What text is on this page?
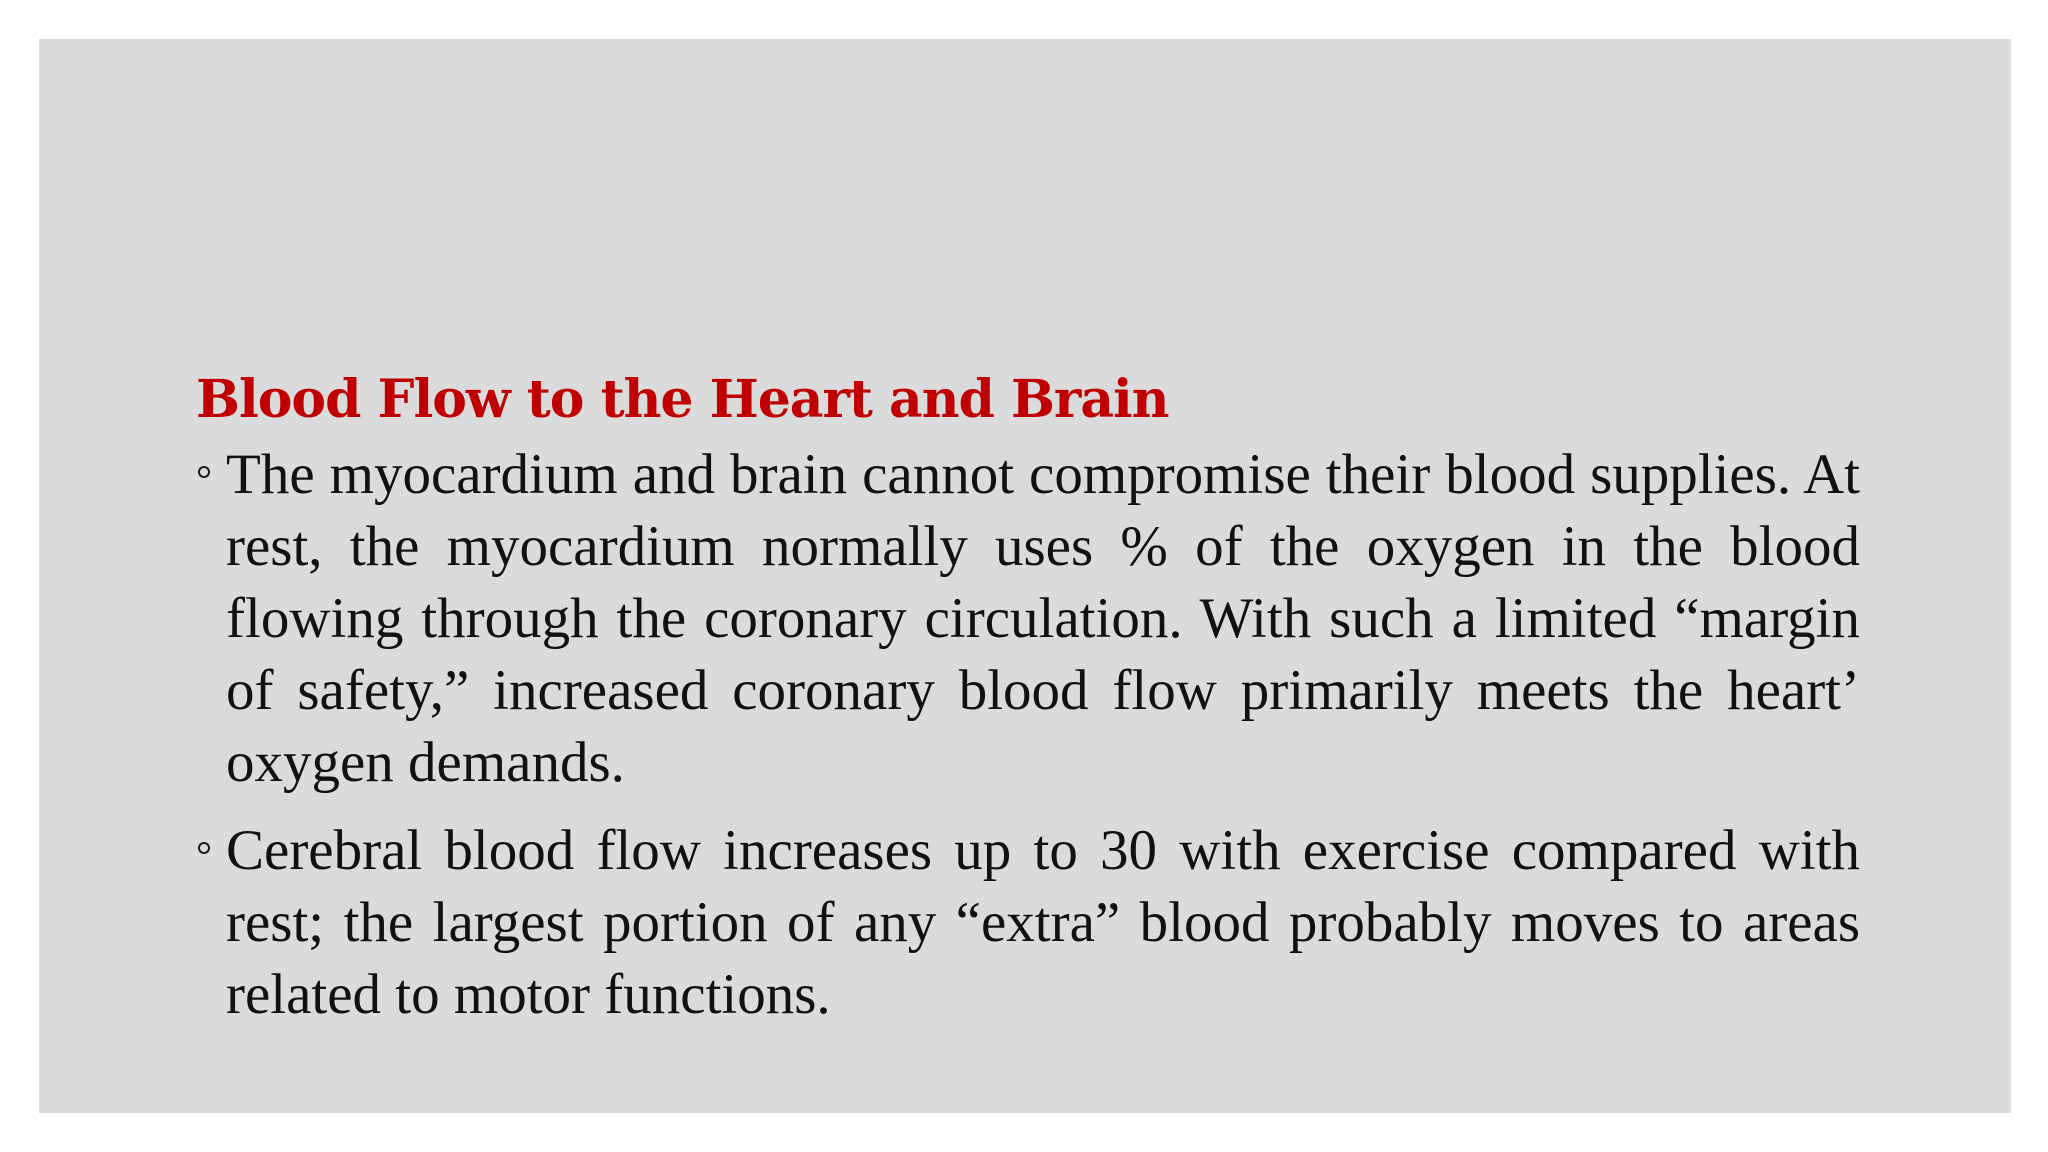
Blood Flow to the Heart and Brain

The myocardium and brain cannot compromise their blood supplies. At rest, the myocardium normally uses % of the oxygen in the blood flowing through the coronary circulation. With such a limited “margin of safety,” increased coronary blood flow primarily meets the heart’ oxygen demands.

Cerebral blood flow increases up to 30 with exercise compared with rest; the largest portion of any “extra” blood probably moves to areas related to motor functions.
